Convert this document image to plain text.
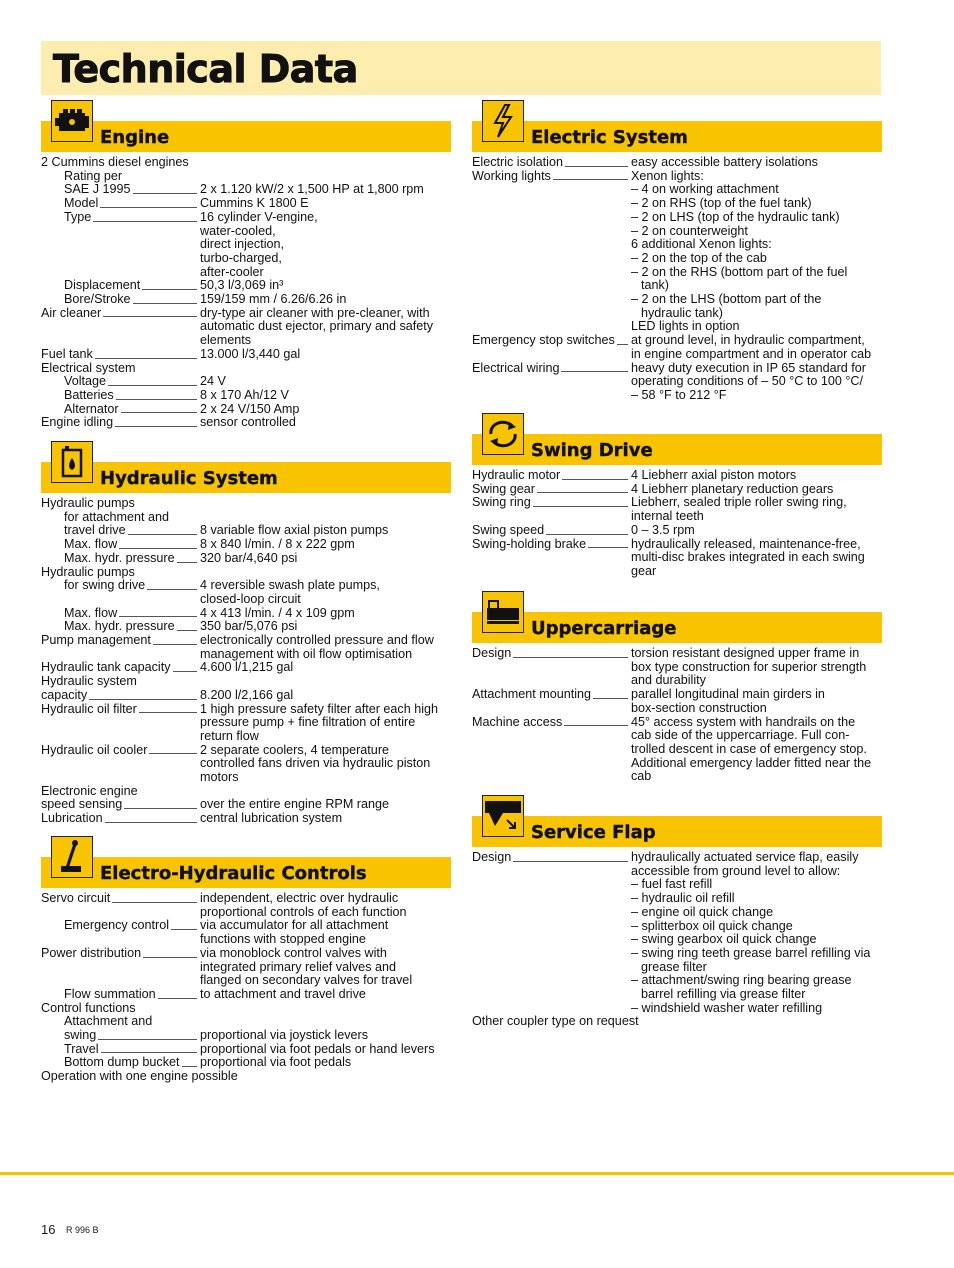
Technical Data
Engine
2 Cummins diesel engines
Rating per
SAE J 1995	2 x 1.120 kW/2 x 1,500 HP at 1,800 rpm
Model	Cummins K 1800 E
Type	16 cylinder V-engine,
water-cooled,
direct injection,
turbo-charged,
after-cooler
Displacement	50,3 l/3,069 in³
Bore/Stroke	159/159 mm / 6.26/6.26 in
Air cleaner	dry-type air cleaner with pre-cleaner, with
automatic dust ejector, primary and safety
elements
Fuel tank	13.000 l/3,440 gal
Electrical system
Voltage	24 V
Batteries	8 x 170 Ah/12 V
Alternator	2 x 24 V/150 Amp
Engine idling	sensor controlled
Hydraulic System
Hydraulic pumps
for attachment and
travel drive	8 variable flow axial piston pumps
Max. flow	8 x 840 l/min. / 8 x 222 gpm
Max. hydr. pressure 320 bar/4,640 psi
Hydraulic pumps
for swing drive	4 reversible swash plate pumps,
closed-loop circuit
Max. flow	4 x 413 l/min. / 4 x 109 gpm
Max. hydr. pressure 350 bar/5,076 psi
Pump management	electronically controlled pressure and flow
management with oil flow optimisation
Hydraulic tank capacity 4.600 l/1,215 gal
Hydraulic system
capacity	8.200 l/2,166 gal
Hydraulic oil filter	1 high pressure safety filter after each high
pressure pump + fine filtration of entire
return flow
Hydraulic oil cooler	2 separate coolers, 4 temperature
controlled fans driven via hydraulic piston
motors
Electronic engine
speed sensing	over the entire engine RPM range
Lubrication	central lubrication system
Electro-Hydraulic Controls
Servo circuit	independent, electric over hydraulic
proportional controls of each function
Emergency control via accumulator for all attachment
functions with stopped engine
Power distribution	via monoblock control valves with
integrated primary relief valves and
flanged on secondary valves for travel
Flow summation	to attachment and travel drive
Control functions
Attachment and
swing	proportional via joystick levers
Travel	proportional via foot pedals or hand levers
Bottom dump bucket proportional via foot pedals
Operation with one engine possible
Electric System
Electric isolation	easy accessible battery isolations
Working lights	Xenon lights:
– 4 on working attachment
– 2 on RHS (top of the fuel tank)
– 2 on LHS (top of the hydraulic tank)
– 2 on counterweight
6 additional Xenon lights:
– 2 on the top of the cab
– 2 on the RHS (bottom part of the fuel
tank)
– 2 on the LHS (bottom part of the
hydraulic tank)
LED lights in option
Emergency stop switches at ground level, in hydraulic compartment,
in engine compartment and in operator cab
Electrical wiring	heavy duty execution in IP 65 standard for
operating conditions of – 50 °C to 100 °C/
– 58 °F to 212 °F
Swing Drive
Hydraulic motor	4 Liebherr axial piston motors
Swing gear	4 Liebherr planetary reduction gears
Swing ring	Liebherr, sealed triple roller swing ring,
internal teeth
Swing speed	0 – 3.5 rpm
Swing-holding brake	hydraulically released, maintenance-free,
multi-disc brakes integrated in each swing
gear
Uppercarriage
Design	torsion resistant designed upper frame in
box type construction for superior strength
and durability
Attachment mounting	parallel longitudinal main girders in
box-section construction
Machine access	45° access system with handrails on the
cab side of the uppercarriage. Full con-
trolled descent in case of emergency stop.
Additional emergency ladder fitted near the
cab
Service Flap
Design	hydraulically actuated service flap, easily
accessible from ground level to allow:
– fuel fast refill
– hydraulic oil refill
– engine oil quick change
– splitterbox oil quick change
– swing gearbox oil quick change
– swing ring teeth grease barrel refilling via
grease filter
– attachment/swing ring bearing grease
barrel refilling via grease filter
– windshield washer water refilling
Other coupler type on request
16 R 996 B
